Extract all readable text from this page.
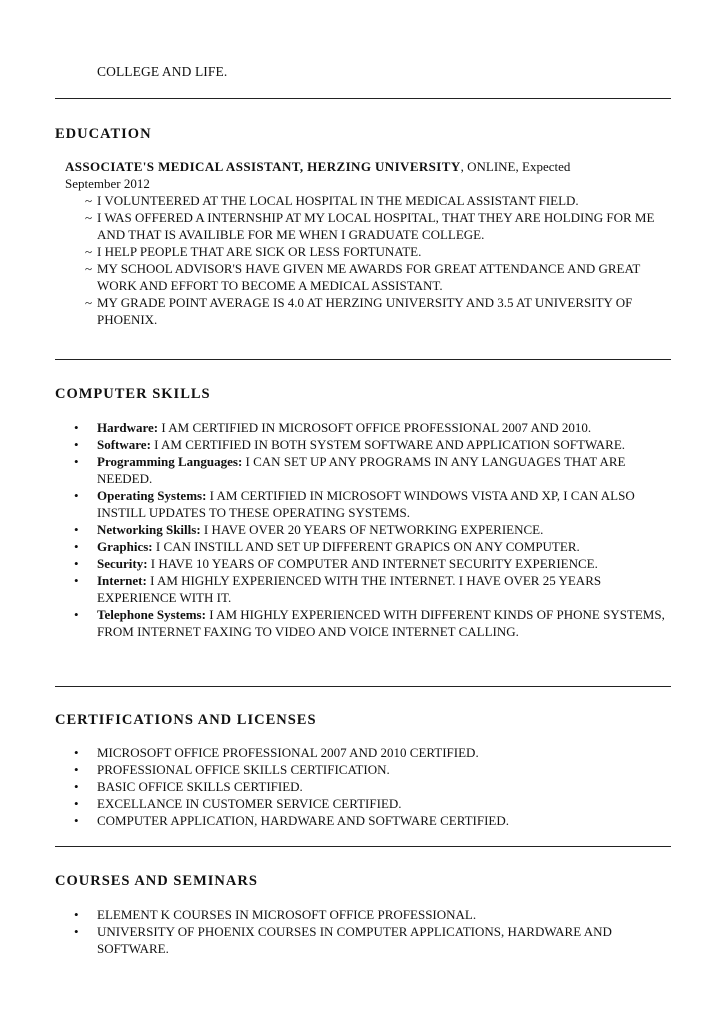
COLLEGE AND LIFE.
EDUCATION
ASSOCIATE'S MEDICAL ASSISTANT, HERZING UNIVERSITY, ONLINE, Expected
September 2012
~ I VOLUNTEERED AT THE LOCAL HOSPITAL IN THE MEDICAL ASSISTANT FIELD.
~ I WAS OFFERED A INTERNSHIP AT MY LOCAL HOSPITAL, THAT THEY ARE HOLDING FOR ME AND THAT IS AVAILIBLE FOR ME WHEN I GRADUATE COLLEGE.
~ I HELP PEOPLE THAT ARE SICK OR LESS FORTUNATE.
~ MY SCHOOL ADVISOR'S HAVE GIVEN ME AWARDS FOR GREAT ATTENDANCE AND GREAT WORK AND EFFORT TO BECOME A MEDICAL ASSISTANT.
~ MY GRADE POINT AVERAGE IS 4.0 AT HERZING UNIVERSITY AND 3.5 AT UNIVERSITY OF PHOENIX.
COMPUTER SKILLS
• Hardware: I AM CERTIFIED IN MICROSOFT OFFICE PROFESSIONAL 2007 AND 2010.
• Software: I AM CERTIFIED IN BOTH SYSTEM SOFTWARE AND APPLICATION SOFTWARE.
• Programming Languages: I CAN SET UP ANY PROGRAMS IN ANY LANGUAGES THAT ARE NEEDED.
• Operating Systems: I AM CERTIFIED IN MICROSOFT WINDOWS VISTA AND XP, I CAN ALSO INSTILL UPDATES TO THESE OPERATING SYSTEMS.
• Networking Skills: I HAVE OVER 20 YEARS OF NETWORKING EXPERIENCE.
• Graphics: I CAN INSTILL AND SET UP DIFFERENT GRAPICS ON ANY COMPUTER.
• Security: I HAVE 10 YEARS OF COMPUTER AND INTERNET SECURITY EXPERIENCE.
• Internet: I AM HIGHLY EXPERIENCED WITH THE INTERNET. I HAVE OVER 25 YEARS EXPERIENCE WITH IT.
• Telephone Systems: I AM HIGHLY EXPERIENCED WITH DIFFERENT KINDS OF PHONE SYSTEMS, FROM INTERNET FAXING TO VIDEO AND VOICE INTERNET CALLING.
CERTIFICATIONS AND LICENSES
• MICROSOFT OFFICE PROFESSIONAL 2007 AND 2010 CERTIFIED.
• PROFESSIONAL OFFICE SKILLS CERTIFICATION.
• BASIC OFFICE SKILLS CERTIFIED.
• EXCELLANCE IN CUSTOMER SERVICE CERTIFIED.
• COMPUTER APPLICATION, HARDWARE AND SOFTWARE CERTIFIED.
COURSES AND SEMINARS
• ELEMENT K COURSES IN MICROSOFT OFFICE PROFESSIONAL.
• UNIVERSITY OF PHOENIX COURSES IN COMPUTER APPLICATIONS, HARDWARE AND SOFTWARE.
